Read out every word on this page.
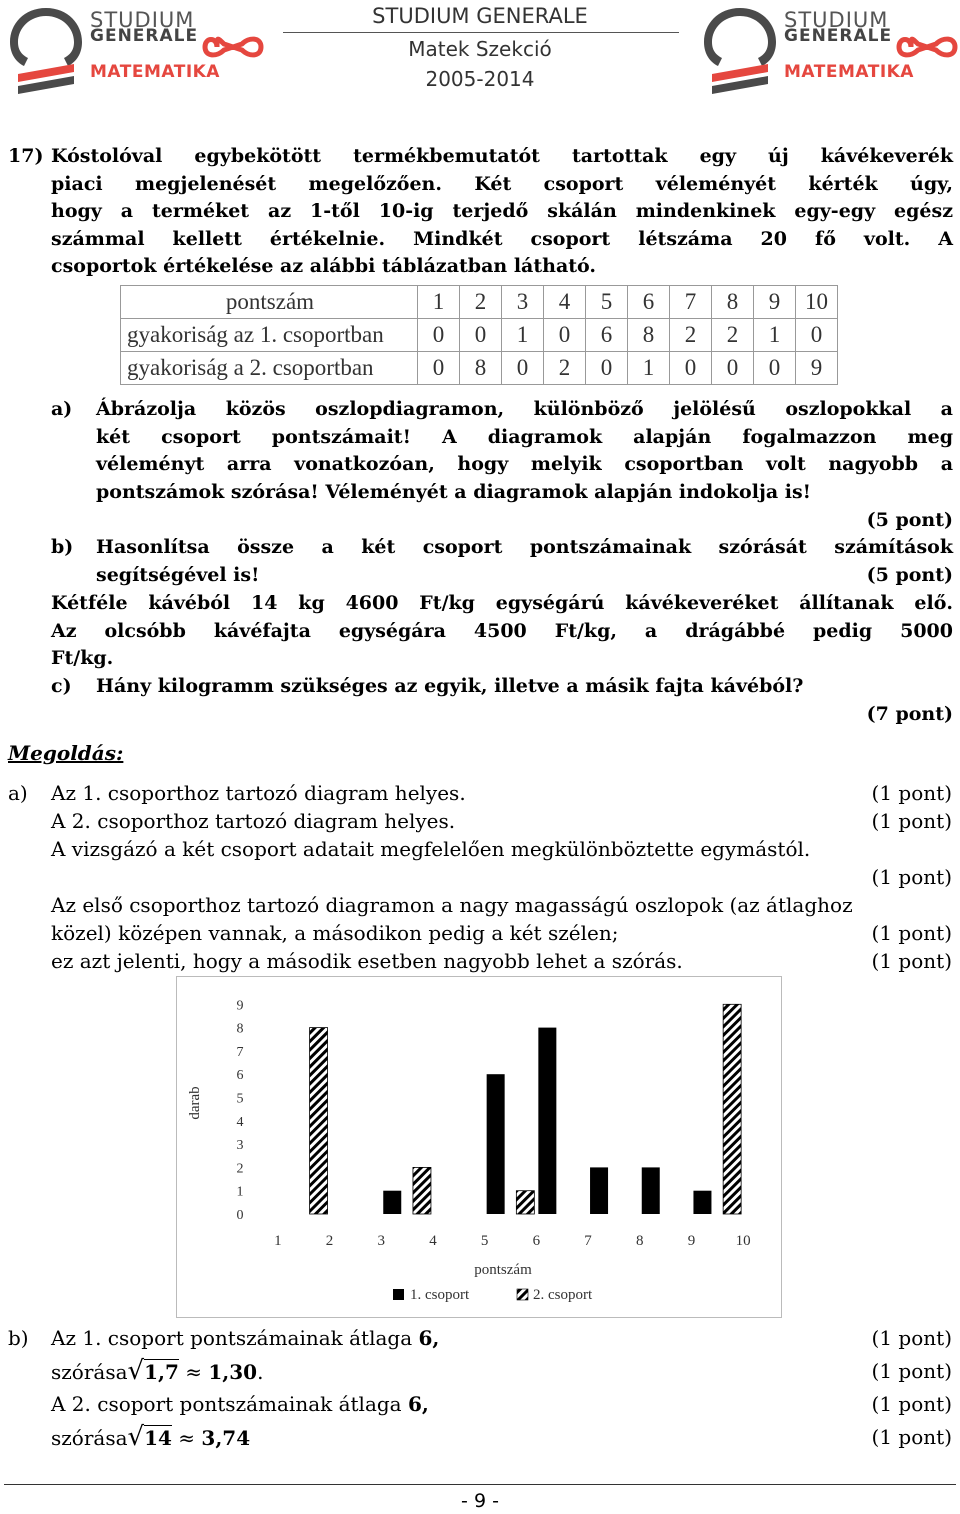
STUDIUM
GENERALE
MATEMATIKA
STUDIUM GENERALE
Matek Szekció
2005-2014
STUDIUM
GENERALE
MATEMATIKA
17) Kóstolóval egybekötött termékbemutatót tartottak egy új kávékeverék
piaci megjelenését megelőzően. Két csoport véleményét kérték úgy,
hogy a terméket az 1-től 10-ig terjedő skálán mindenkinek egy-egy egész
számmal kellett értékelnie. Mindkét csoport létszáma 20 fő volt. A
csoportok értékelése az alábbi táblázatban látható.
pontszám	1	2	3	4	5	6	7	8	9	10
gyakoriság az 1. csoportban	0	0	1	0	6	8	2	2	1	0
gyakoriság a 2. csoportban	0	8	0	2	0	1	0	0	0	9
a) Ábrázolja közös oszlopdiagramon, különböző jelölésű oszlopokkal a
két csoport pontszámait! A diagramok alapján fogalmazzon meg
véleményt arra vonatkozóan, hogy melyik csoportban volt nagyobb a
pontszámok szórása! Véleményét a diagramok alapján indokolja is!
(5 pont)
b) Hasonlítsa össze a két csoport pontszámainak szórását számítások
segítségével is!	(5 pont)
Kétféle kávéból 14 kg 4600 Ft/kg egységárú kávékeveréket állítanak elő.
Az olcsóbb kávéfajta egységára 4500 Ft/kg, a drágábbé pedig 5000
Ft/kg.
c) Hány kilogramm szükséges az egyik, illetve a másik fajta kávéból?
(7 pont)
Megoldás:
a) Az 1. csoporthoz tartozó diagram helyes.	(1 pont)
A 2. csoporthoz tartozó diagram helyes.	(1 pont)
A vizsgázó a két csoport adatait megfelelően megkülönböztette egymástól.
(1 pont)
Az első csoporthoz tartozó diagramon a nagy magasságú oszlopok (az átlaghoz
közel) középen vannak, a másodikon pedig a két szélen;	(1 pont)
ez azt jelenti, hogy a második esetben nagyobb lehet a szórás.	(1 pont)
0
1
2
3
4
5
6
7
8
9
1	2	3	4	5	6	7	8	9	10
darab
pontszám
1. csoport	2. csoport
b) Az 1. csoport pontszámainak átlaga 6,	(1 pont)
szórása√1,7 ≈ 1,30.	(1 pont)
A 2. csoport pontszámainak átlaga 6,	(1 pont)
szórása√14 ≈ 3,74	(1 pont)
- 9 -
